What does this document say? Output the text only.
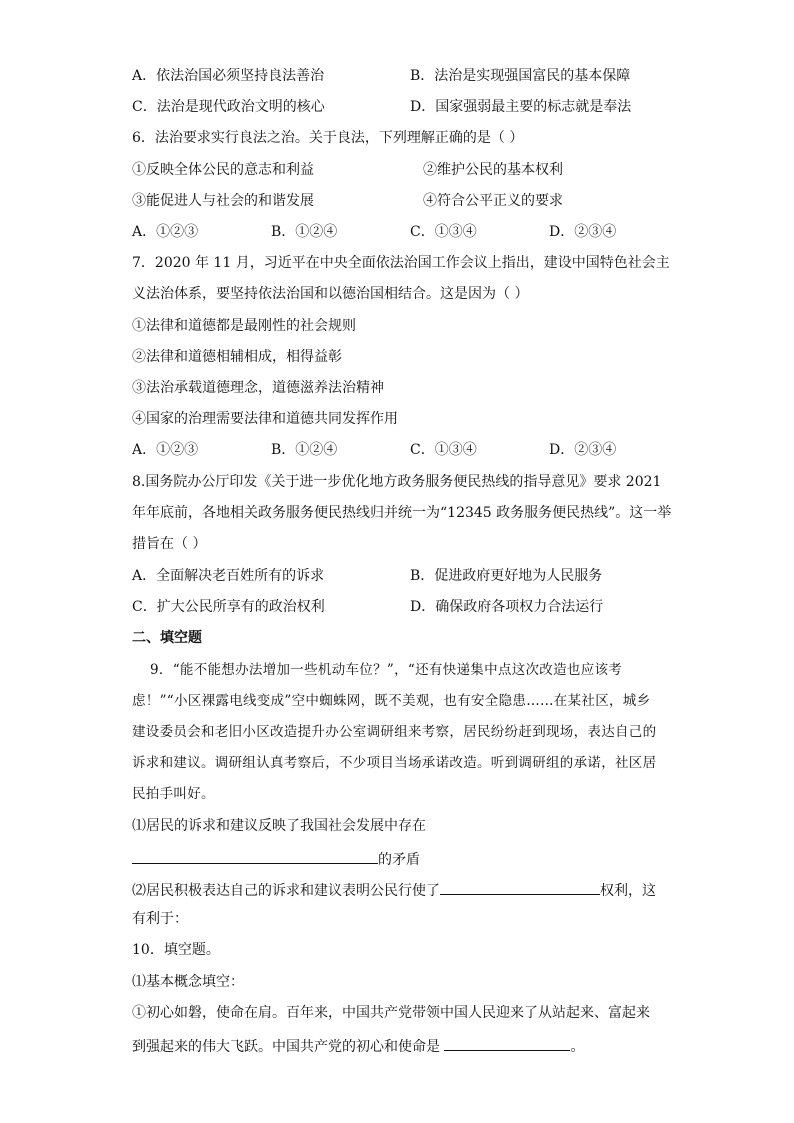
A．依法治国必须坚持良法善治	B．法治是实现强国富民的基本保障
C．法治是现代政治文明的核心	D．国家强弱最主要的标志就是奉法
6．法治要求实行良法之治。关于良法，下列理解正确的是（ ）
①反映全体公民的意志和利益	②维护公民的基本权利
③能促进人与社会的和谐发展	④符合公平正义的要求
A．①②③	B．①②④	C．①③④	D．②③④
7．2020 年 11 月，习近平在中央全面依法治国工作会议上指出，建设中国特色社会主
义法治体系，要坚持依法治国和以德治国相结合。这是因为（ ）
①法律和道德都是最刚性的社会规则
②法律和道德相辅相成，相得益彰
③法治承载道德理念，道德滋养法治精神
④国家的治理需要法律和道德共同发挥作用
A．①②③	B．①②④	C．①③④	D．②③④
8.国务院办公厅印发《关于进一步优化地方政务服务便民热线的指导意见》要求 2021
年年底前，各地相关政务服务便民热线归并统一为“12345 政务服务便民热线”。这一举
措旨在（ ）
A．全面解决老百姓所有的诉求	B．促进政府更好地为人民服务
C．扩大公民所享有的政治权利	D．确保政府各项权力合法运行
二、填空题
9．“能不能想办法增加一些机动车位？”，“还有快递集中点这次改造也应该考
虑！”“小区裸露电线变成”空中蜘蛛网，既不美观，也有安全隐患……在某社区，城乡
建设委员会和老旧小区改造提升办公室调研组来考察，居民纷纷赶到现场，表达自己的
诉求和建议。调研组认真考察后，不少项目当场承诺改造。听到调研组的承诺，社区居
民拍手叫好。
⑴居民的诉求和建议反映了我国社会发展中存在
的矛盾
⑵居民积极表达自己的诉求和建议表明公民行使了	权利，这
有利于：
10．填空题。
⑴基本概念填空：
①初心如磐，使命在肩。百年来，中国共产党带领中国人民迎来了从站起来、富起来
到强起来的伟大飞跃。中国共产党的初心和使命是	。
